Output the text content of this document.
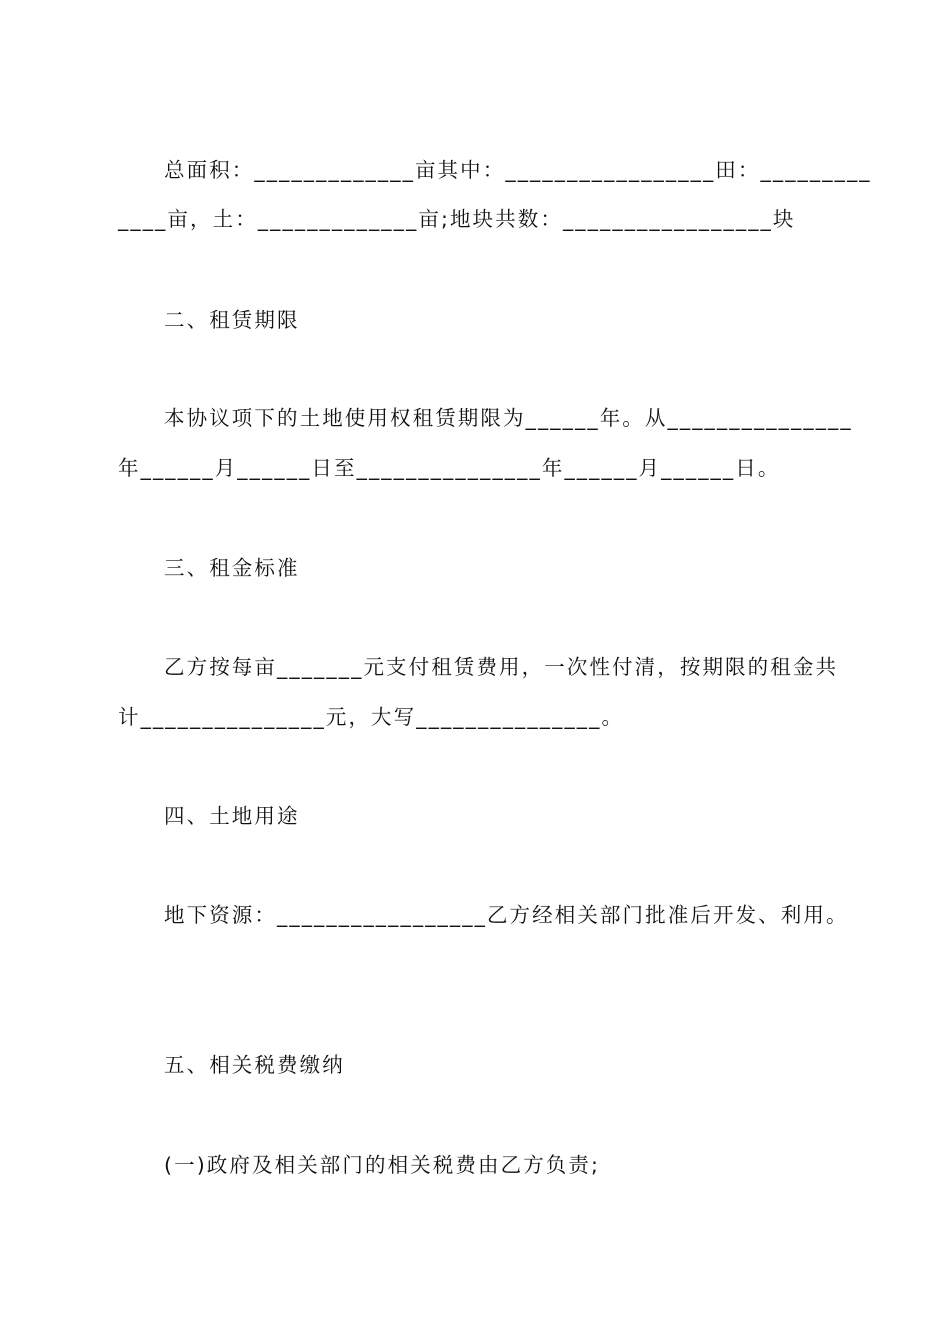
总面积：_____________亩其中：_________________田：_________
____亩，土：_____________亩;地块共数：_________________块
二、租赁期限
本协议项下的土地使用权租赁期限为______年。从_______________
年______月______日至_______________年______月______日。
三、租金标准
乙方按每亩_______元支付租赁费用，一次性付清，按期限的租金共
计_______________元，大写_______________。
四、土地用途
地下资源：_________________乙方经相关部门批准后开发、利用。
五、相关税费缴纳
(一)政府及相关部门的相关税费由乙方负责;
